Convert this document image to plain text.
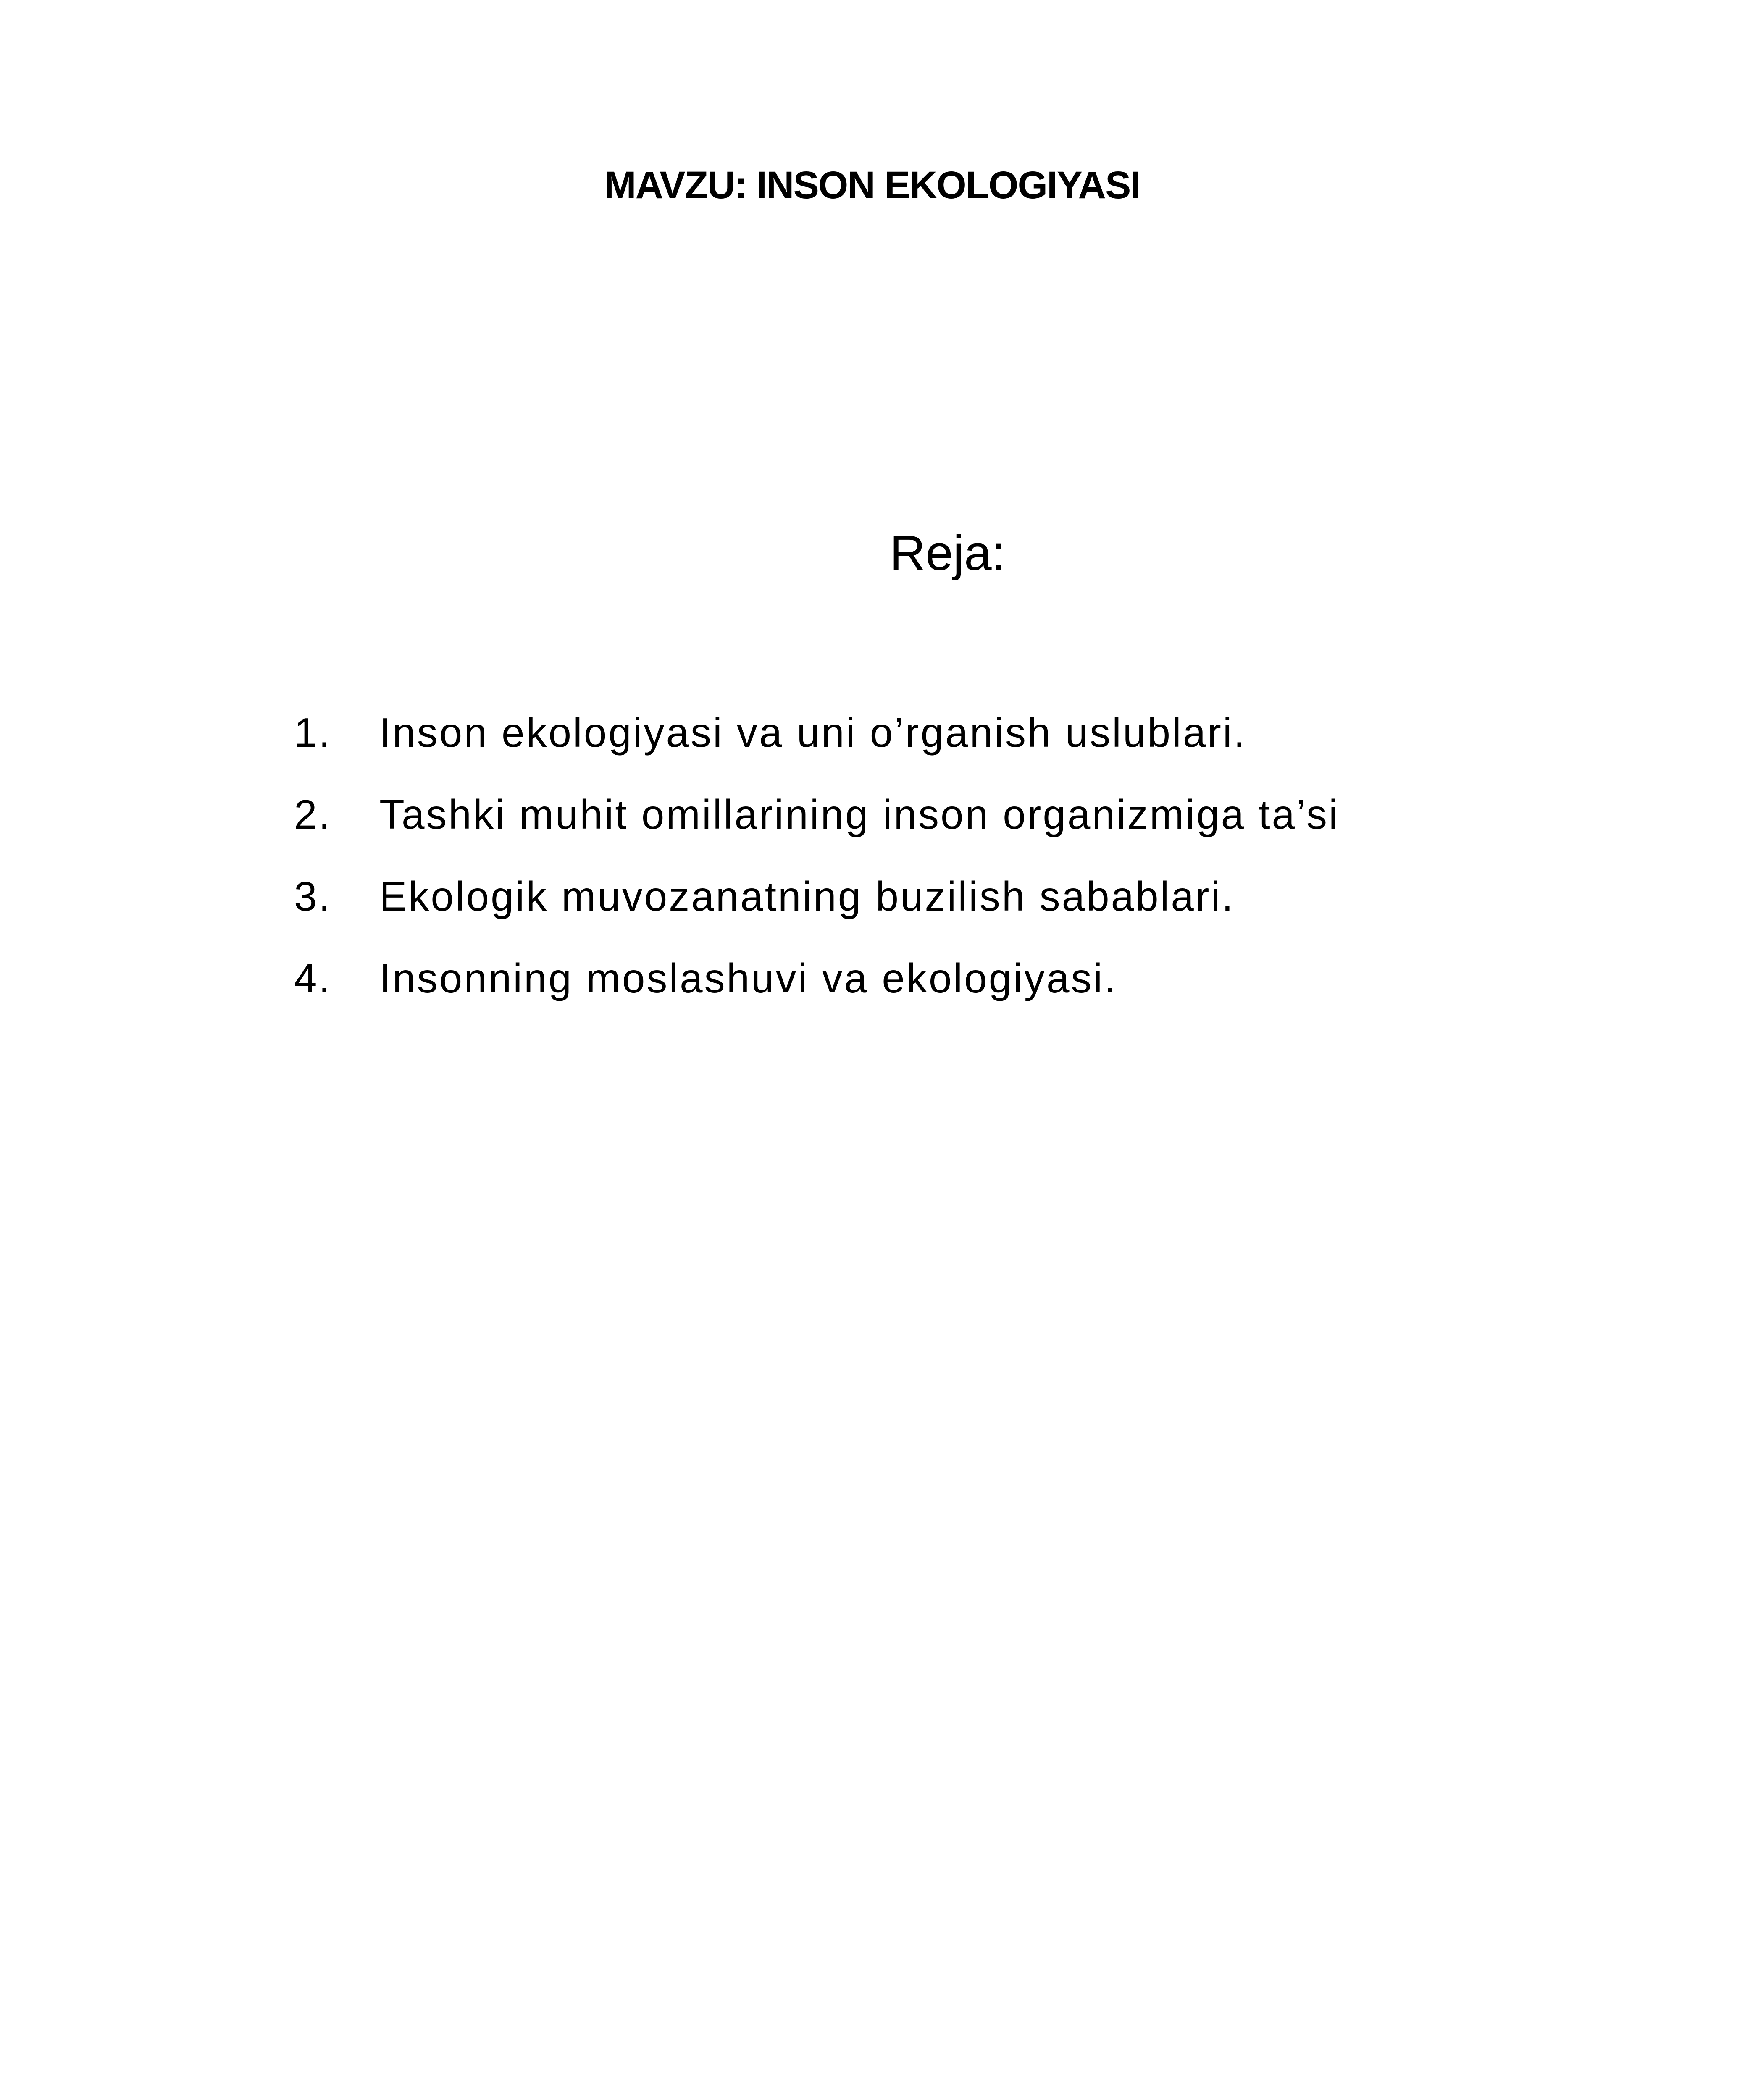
MAVZU: INSON EKOLOGIYASI
Reja:
1. Inson ekologiyasi va uni o’rganish uslublari.
2. Tashki muhit omillarining inson organizmiga ta’si
3. Ekologik muvozanatning buzilish sabablari.
4. Insonning moslashuvi va ekologiyasi.
